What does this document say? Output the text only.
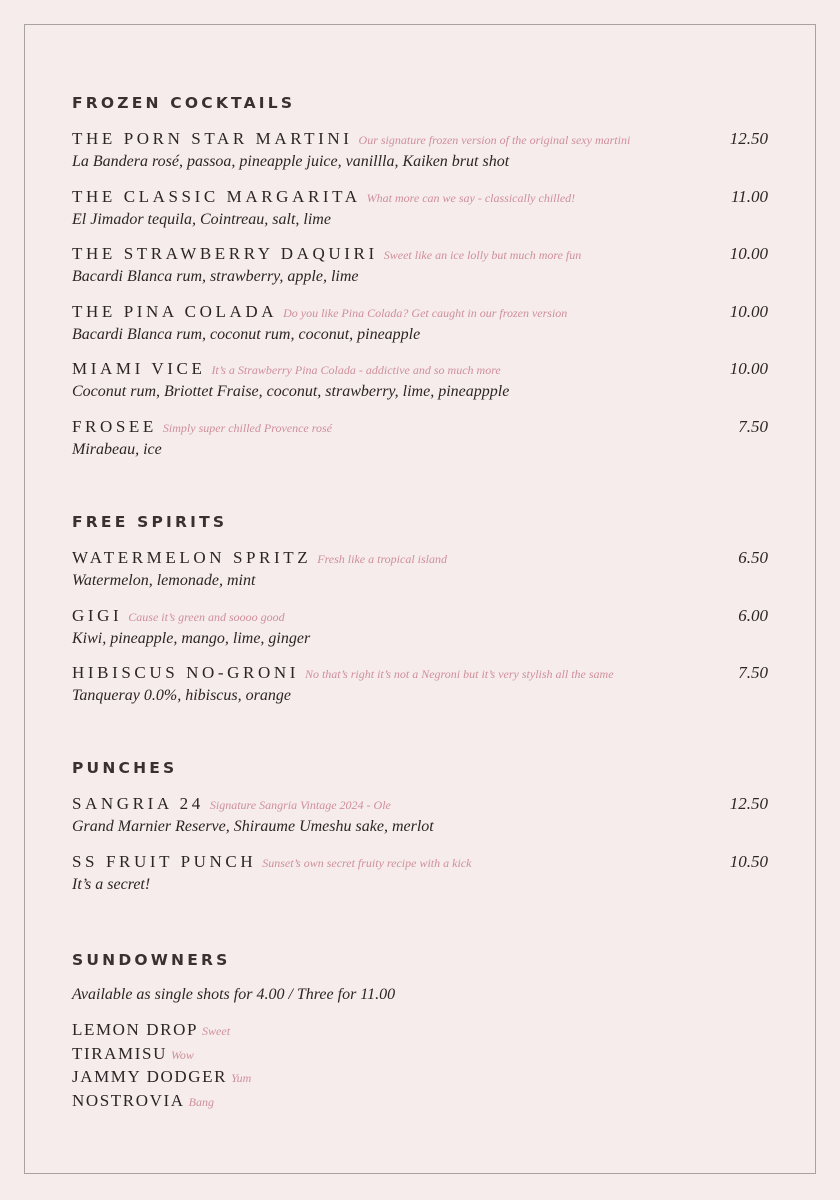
FROZEN COCKTAILS
THE PORN STAR MARTINI Our signature frozen version of the original sexy martini	12.50
La Bandera rosé, passoa, pineapple juice, vanillla, Kaiken brut shot
THE CLASSIC MARGARITA What more can we say - classically chilled!	11.00
El Jimador tequila, Cointreau, salt, lime
THE STRAWBERRY DAQUIRI Sweet like an ice lolly but much more fun	10.00
Bacardi Blanca rum, strawberry, apple, lime
THE PINA COLADA Do you like Pina Colada? Get caught in our frozen version	10.00
Bacardi Blanca rum, coconut rum, coconut, pineapple
MIAMI VICE It’s a Strawberry Pina Colada - addictive and so much more	10.00
Coconut rum, Briottet Fraise, coconut, strawberry, lime, pineappple
FROSEE Simply super chilled Provence rosé	7.50
Mirabeau, ice
FREE SPIRITS
WATERMELON SPRITZ Fresh like a tropical island	6.50
Watermelon, lemonade, mint
GIGI Cause it’s green and soooo good	6.00
Kiwi, pineapple, mango, lime, ginger
HIBISCUS NO-GRONI No that’s right it’s not a Negroni but it’s very stylish all the same	7.50
Tanqueray 0.0%, hibiscus, orange
PUNCHES
SANGRIA 24 Signature Sangria Vintage 2024 - Ole	12.50
Grand Marnier Reserve, Shiraume Umeshu sake, merlot
SS FRUIT PUNCH Sunset’s own secret fruity recipe with a kick	10.50
It’s a secret!
SUNDOWNERS
Available as single shots for 4.00 / Three for 11.00
LEMON DROP Sweet
TIRAMISU Wow
JAMMY DODGER Yum
NOSTROVIA Bang
